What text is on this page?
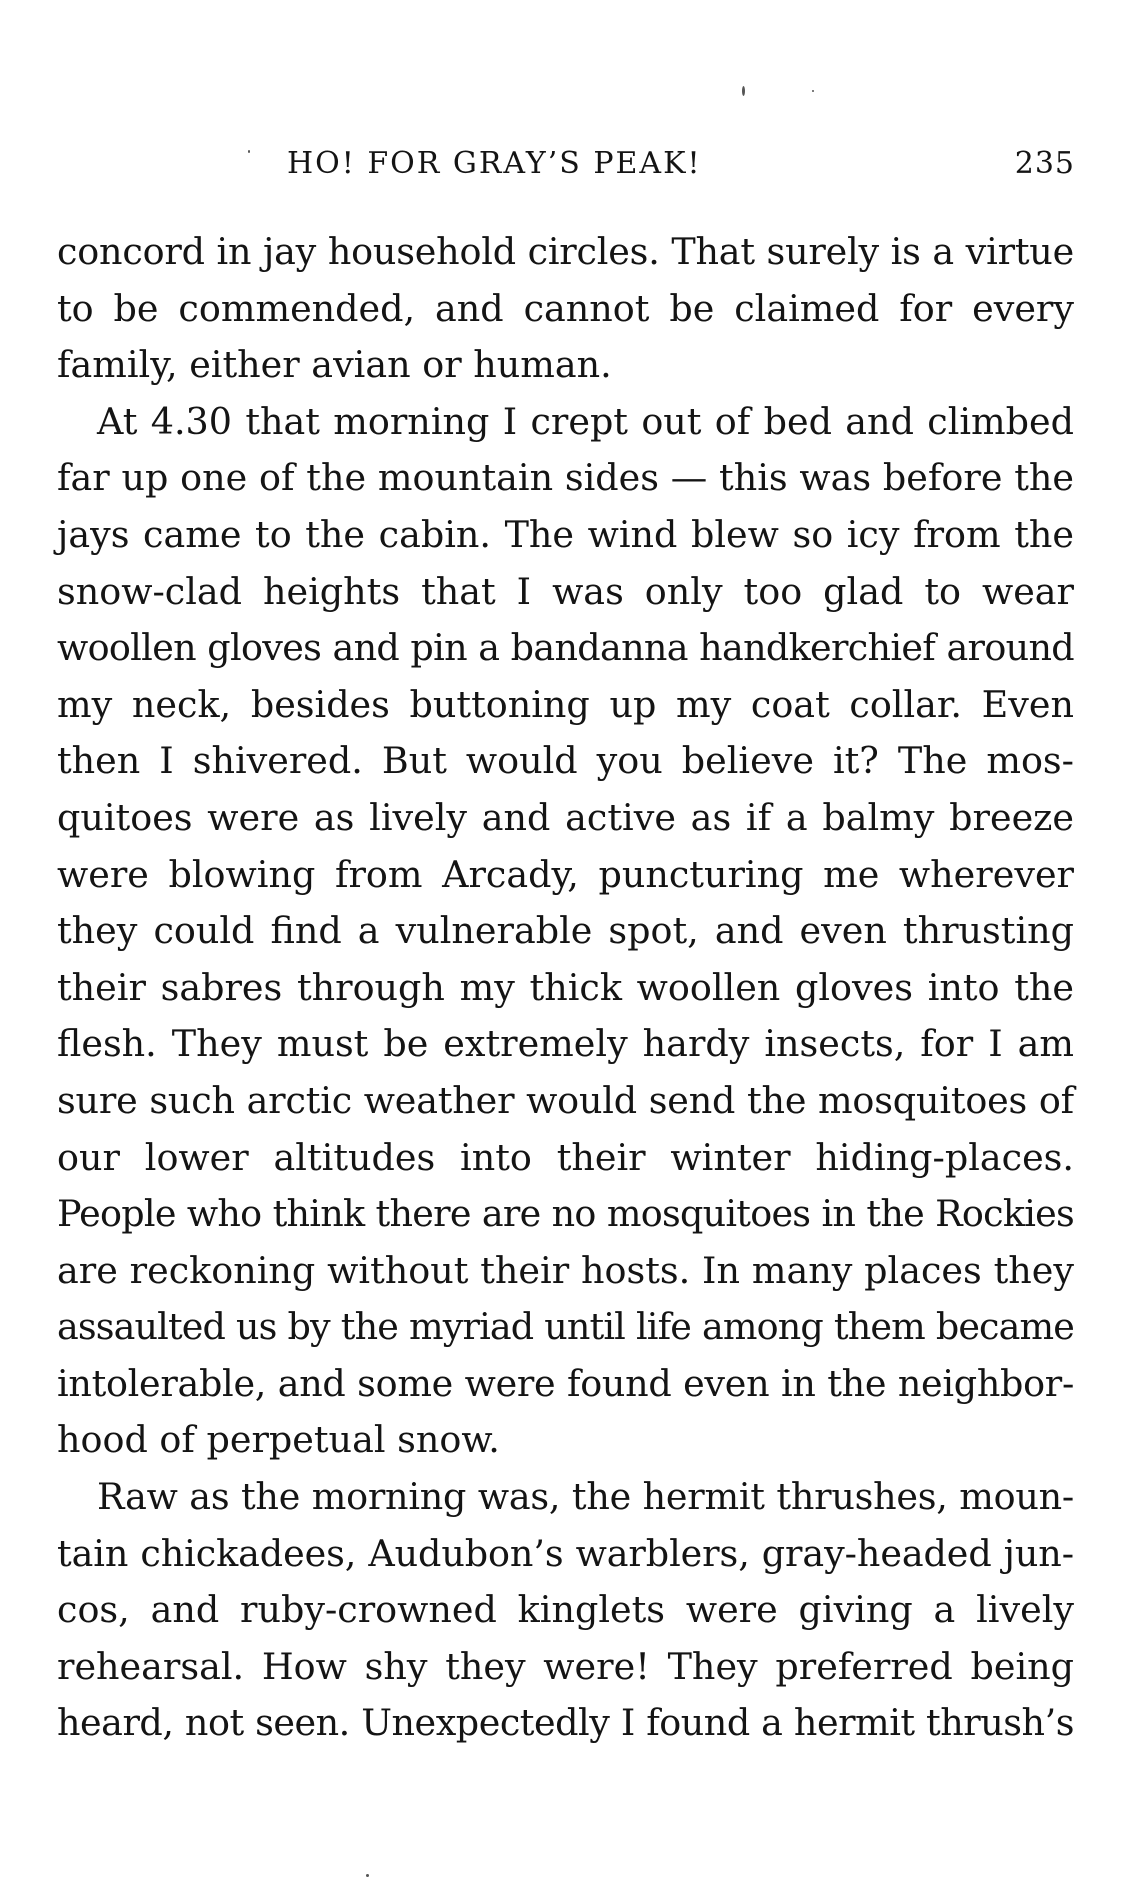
HO! FOR GRAY’S PEAK!	235

concord in jay household circles. That surely is a virtue
to be commended, and cannot be claimed for every
family, either avian or human.

At 4.30 that morning I crept out of bed and climbed
far up one of the mountain sides — this was before the
jays came to the cabin. The wind blew so icy from the
snow-clad heights that I was only too glad to wear
woollen gloves and pin a bandanna handkerchief around
my neck, besides buttoning up my coat collar. Even
then I shivered. But would you believe it? The mos-
quitoes were as lively and active as if a balmy breeze
were blowing from Arcady, puncturing me wherever
they could find a vulnerable spot, and even thrusting
their sabres through my thick woollen gloves into the
flesh. They must be extremely hardy insects, for I am
sure such arctic weather would send the mosquitoes of
our lower altitudes into their winter hiding-places.
People who think there are no mosquitoes in the Rockies
are reckoning without their hosts. In many places they
assaulted us by the myriad until life among them became
intolerable, and some were found even in the neighbor-
hood of perpetual snow.

Raw as the morning was, the hermit thrushes, moun-
tain chickadees, Audubon’s warblers, gray-headed jun-
cos, and ruby-crowned kinglets were giving a lively
rehearsal. How shy they were! They preferred being
heard, not seen. Unexpectedly I found a hermit thrush’s
